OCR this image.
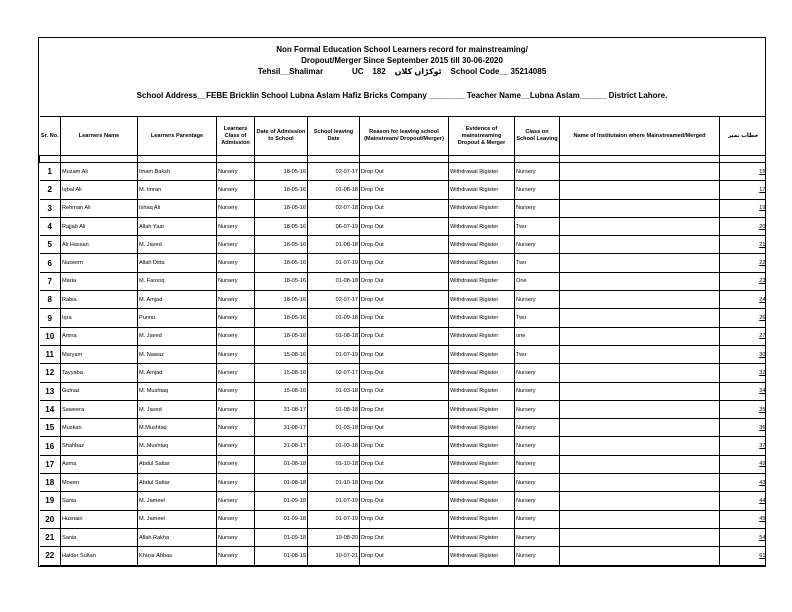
Non Formal Education School Learners record for mainstreaming/
Dropout/Merger Since September 2015 till 30-06-2020
Tehsil__Shalimar             UC    182    ٹوکڑاں کلاں    School Code__ 35214085
School Address__FEBE Bricklin School Lubna Aslam Hafiz Bricks Company ________ Teacher Name__Lubna Aslam______ District Lahore.
Sr. No.	Learners Name	Learners Parentage	Learners Class of Admission	Date of Admission to School	School leaving Date	Reason for leaving school (Mainstream/ Dropout/Merger)	Evidence of mainstreaming Dropout & Merger	Class on School Leaving	Name of Institutaion where Mainstreamed/Merged	خطاب نمبر

1	Muzam Ali	Imam Baksh	Nursery	18-05-16	02-07-17	Drop Out	Withdrawal Rigister	Nursery		15
2	Iqbal Ali	M. Imran	Nursery	18-05-16	01-08-18	Drop Out	Withdrawal Rigister	Nursery		17
3	Rehman Ali	Ishaq Ali	Nursery	18-05-16	02-07-18	Drop Out	Withdrawal Rigister	Nursery		19
4	Rajjab Ali	Allah Yaar	Nursery	18-05-16	06-07-19	Drop Out	Withdrawal Rigister	Two		20
5	Ali Hassan	M. Javed	Nursery	18-05-16	01-08-18	Drop Out	Withdrawal Rigister	Nursery		21
6	Naseem	Allah Ditta	Nursery	18-05-16	01-07-19	Drop Out	Withdrawal Rigister	Two		22
7	Maria	M. Farooq	Nursery	18-05-16	01-08-18	Drop Out	Withdrawal Rigister	One		23
8	Rabia	M. Amjad	Nursery	18-05-16	02-07-17	Drop Out	Withdrawal Rigister	Nursery		24
9	Iqra	Punnu	Nursery	18-05-16	01-09-18	Drop Out	Withdrawal Rigister	Two		26
10	Amna	M. Javed	Nursery	18-05-16	01-08-18	Drop Out	Withdrawal Rigister	one		27
11	Maryam	M. Nawaz	Nursery	15-08-16	01-07-19	Drop Out	Withdrawal Rigister	Two		30
12	Tayyaba	M. Amjad	Nursery	15-08-16	02-07-17	Drop Out	Withdrawal Rigister	Nursery		32
13	Gulnaz	M. Mushtaq	Nursery	15-08-16	01-03-18	Drop Out	Withdrawal Rigister	Nursery		34
14	Saweera	M. Javed	Nursery	31-08-17	01-08-18	Drop Out	Withdrawal Rigister	Nursery		35
15	Muskan	M.Mushtaq	Nursery	31-08-17	01-03-18	Drop Out	Withdrawal Rigister	Nursery		36
16	Shahbaz	M. Mushtaq	Nursery	31-08-17	01-03-18	Drop Out	Withdrawal Rigister	Nursery		37
17	Asma	Abdul Sattar	Nursery	01-08-18	01-10-18	Drop Out	Withdrawal Rigister	Nursery		42
18	Moeen	Abdul Sattar	Nursery	01-08-18	01-10-18	Drop Out	Withdrawal Rigister	Nursery		43
19	Sania	M. Jameel	Nursery	01-09-18	01-07-19	Drop Out	Withdrawal Rigister	Nursery		44
20	Husnain	M. Jameel	Nursery	01-09-18	01-07-19	Drop Out	Withdrawal Rigister	Nursery		45
21	Sania	Allah Rakha	Nursery	01-09-18	10-08-20	Drop Out	Withdrawal Rigister	Nursery		54
22	Haider Sultan	Khizar Abbas	Nursery	01-08-19	10-07-21	Drop Out	Withdrawal Rigister	Nursery		61
